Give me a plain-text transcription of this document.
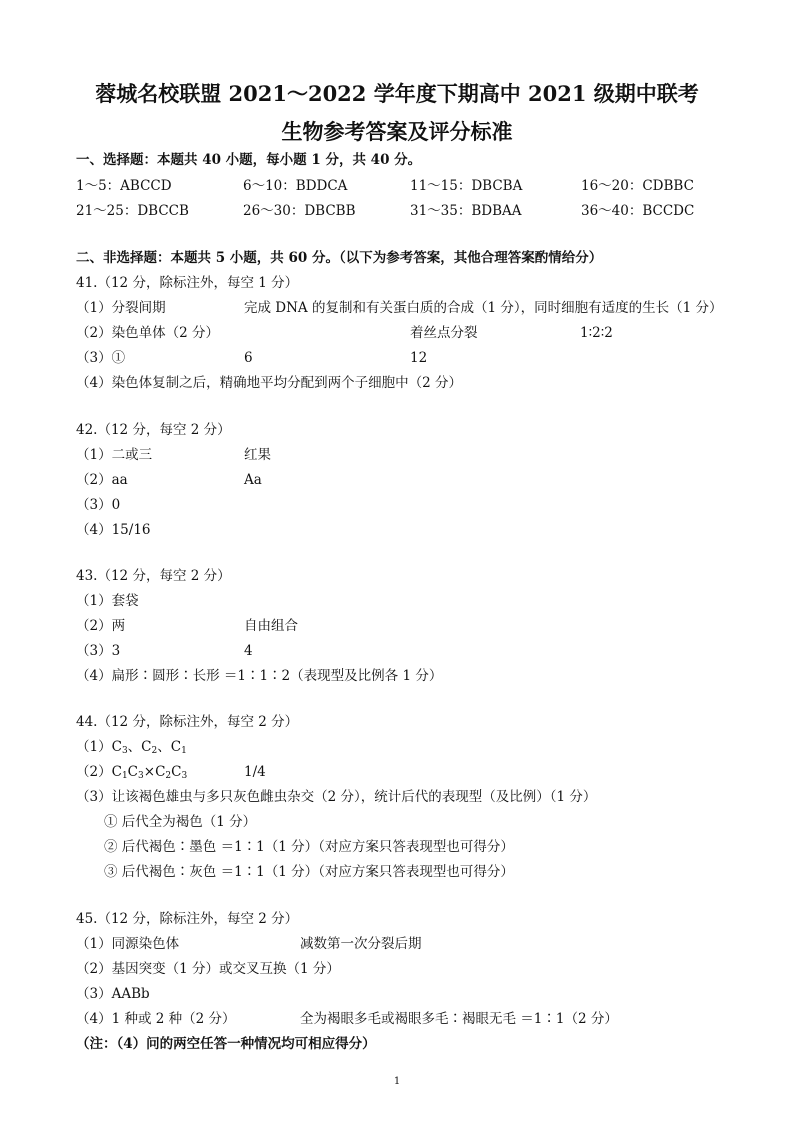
蓉城名校联盟 2021～2022 学年度下期高中 2021 级期中联考
生物参考答案及评分标准
一、选择题：本题共 40 小题，每小题 1 分，共 40 分。
1～5：ABCCD	6～10：BDDCA	11～15：DBCBA	16～20：CDBBC
21～25：DBCCB	26～30：DBCBB	31～35：BDBAA	36～40：BCCDC
二、非选择题：本题共 5 小题，共 60 分。（以下为参考答案，其他合理答案酌情给分）
41.（12 分，除标注外，每空 1 分）
（1）分裂间期	完成 DNA 的复制和有关蛋白质的合成（1 分），同时细胞有适度的生长（1 分）
（2）染色单体（2 分）	着丝点分裂	1∶2∶2
（3）①	6	12
（4）染色体复制之后，精确地平均分配到两个子细胞中（2 分）
42.（12 分，每空 2 分）
（1）二或三	红果
（2）aa	Aa
（3）0
（4）15/16
43.（12 分，每空 2 分）
（1）套袋
（2）两	自由组合
（3）3	4
（4）扁形∶圆形∶长形 ＝1∶1∶2（表现型及比例各 1 分）
44.（12 分，除标注外，每空 2 分）
$(1)C_3$、$C_2$、$C_1$
$(2)C_1C_3\times C_2C_3$	1/4
（3）让该褐色雄虫与多只灰色雌虫杂交（2 分），统计后代的表现型（及比例）（1 分）
① 后代全为褐色（1 分）
② 后代褐色∶墨色 ＝1∶1（1 分）（对应方案只答表现型也可得分）
③ 后代褐色∶灰色 ＝1∶1（1 分）（对应方案只答表现型也可得分）
45.（12 分，除标注外，每空 2 分）
（1）同源染色体	减数第一次分裂后期
（2）基因突变（1 分）或交叉互换（1 分）
（3）AABb
（4）1 种或 2 种（2 分）	全为褐眼多毛或褐眼多毛∶褐眼无毛 ＝1∶1（2 分）
（注：（4）问的两空任答一种情况均可相应得分）
1
